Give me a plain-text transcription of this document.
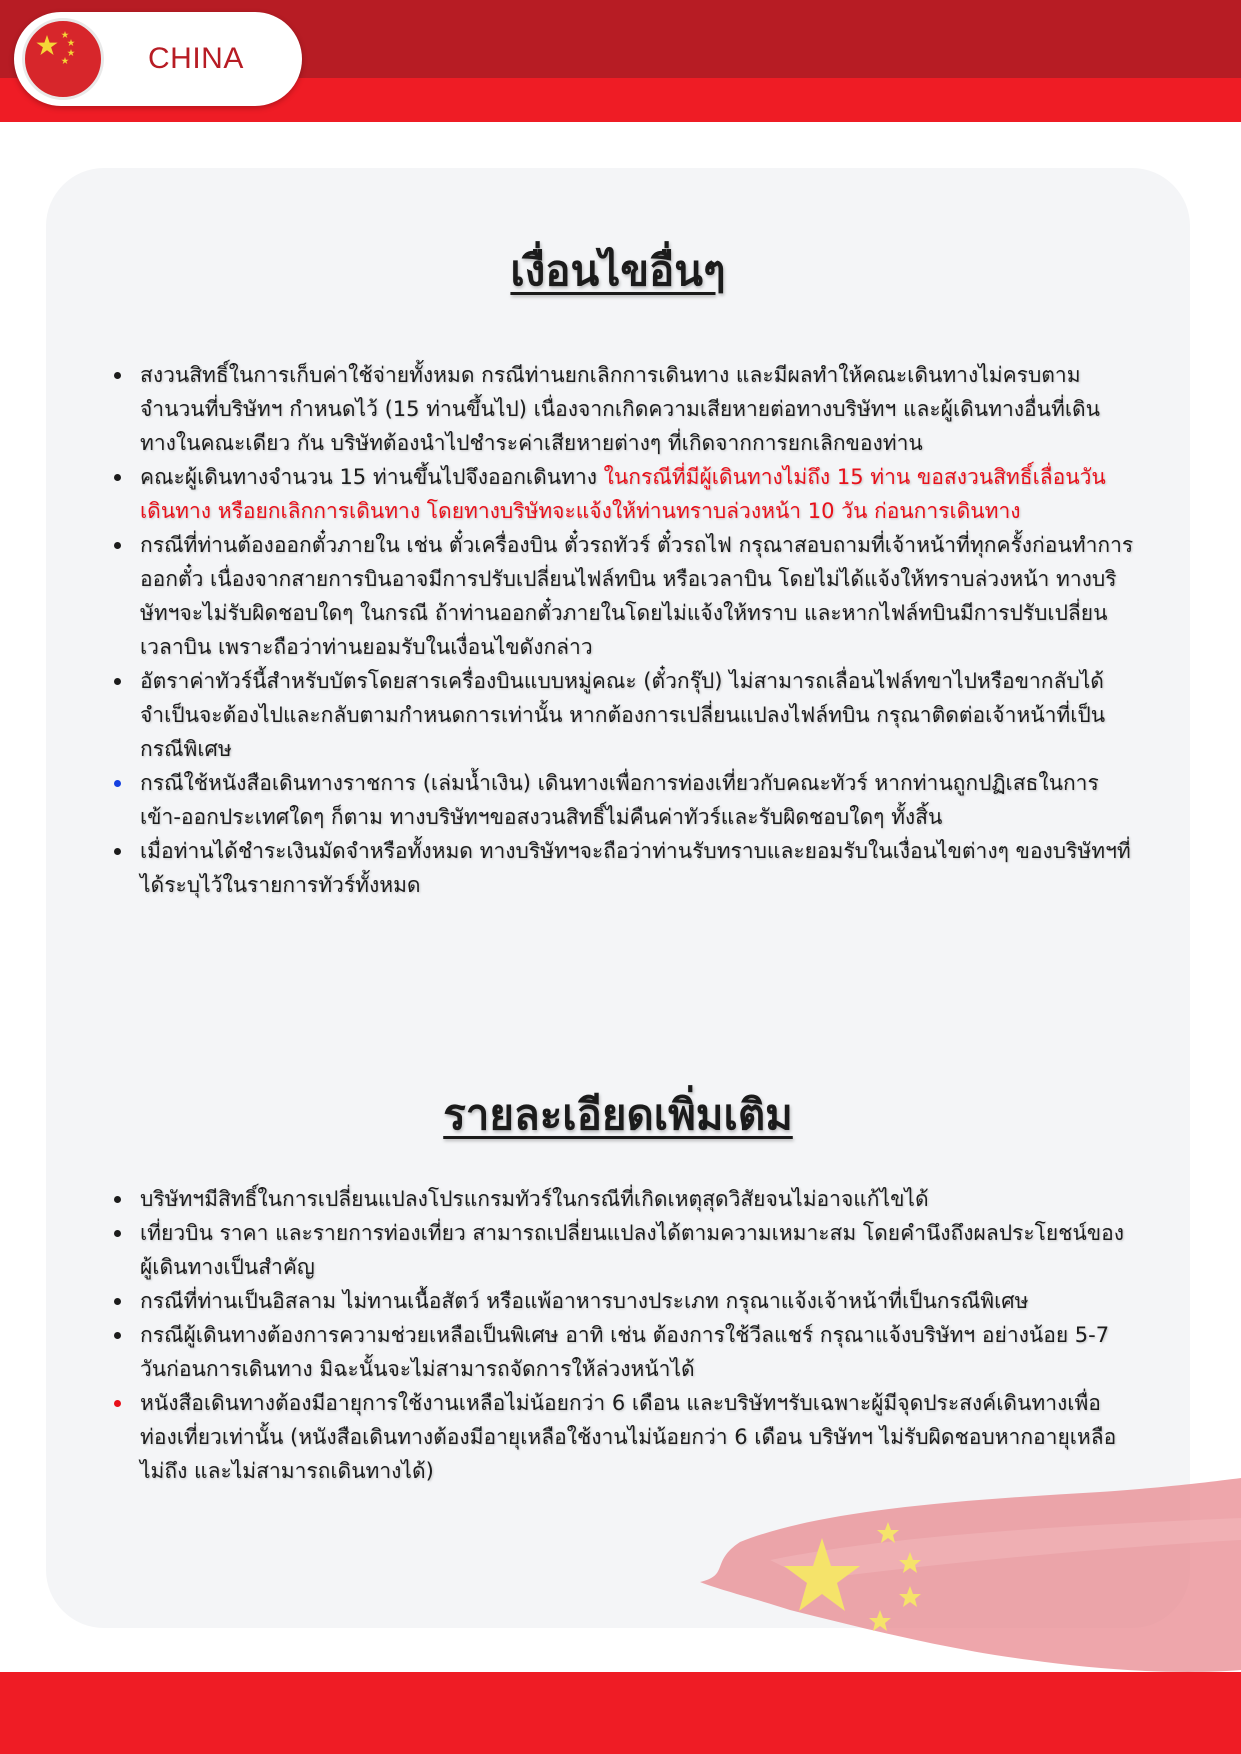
CHINA
เงื่อนไขอื่นๆ
สงวนสิทธิ์ในการเก็บค่าใช้จ่ายทั้งหมด กรณีท่านยกเลิกการเดินทาง และมีผลทำให้คณะเดินทางไม่ครบตามจำนวนที่บริษัทฯ กำหนดไว้ (15 ท่านขึ้นไป) เนื่องจากเกิดความเสียหายต่อทางบริษัทฯ และผู้เดินทางอื่นที่เดินทางในคณะเดียว กัน บริษัทต้องนำไปชำระค่าเสียหายต่างๆ ที่เกิดจากการยกเลิกของท่าน
คณะผู้เดินทางจำนวน 15 ท่านขึ้นไปจึงออกเดินทาง ในกรณีที่มีผู้เดินทางไม่ถึง 15 ท่าน ขอสงวนสิทธิ์เลื่อนวันเดินทาง หรือยกเลิกการเดินทาง โดยทางบริษัทจะแจ้งให้ท่านทราบล่วงหน้า 10 วัน ก่อนการเดินทาง
กรณีที่ท่านต้องออกตั๋วภายใน เช่น ตั๋วเครื่องบิน ตั๋วรถทัวร์ ตั๋วรถไฟ กรุณาสอบถามที่เจ้าหน้าที่ทุกครั้งก่อนทำการออกตั๋ว เนื่องจากสายการบินอาจมีการปรับเปลี่ยนไฟล์ทบิน หรือเวลาบิน โดยไม่ได้แจ้งให้ทราบล่วงหน้า ทางบริษัทฯจะไม่รับผิดชอบใดๆ ในกรณี ถ้าท่านออกตั๋วภายในโดยไม่แจ้งให้ทราบ และหากไฟล์ทบินมีการปรับเปลี่ยนเวลาบิน เพราะถือว่าท่านยอมรับในเงื่อนไขดังกล่าว
อัตราค่าทัวร์นี้สำหรับบัตรโดยสารเครื่องบินแบบหมู่คณะ (ตั๋วกรุ๊ป) ไม่สามารถเลื่อนไฟล์ทขาไปหรือขากลับได้ จำเป็นจะต้องไปและกลับตามกำหนดการเท่านั้น หากต้องการเปลี่ยนแปลงไฟล์ทบิน กรุณาติดต่อเจ้าหน้าที่เป็นกรณีพิเศษ
กรณีใช้หนังสือเดินทางราชการ (เล่มน้ำเงิน) เดินทางเพื่อการท่องเที่ยวกับคณะทัวร์ หากท่านถูกปฏิเสธในการเข้า-ออกประเทศใดๆ ก็ตาม ทางบริษัทฯขอสงวนสิทธิ์ไม่คืนค่าทัวร์และรับผิดชอบใดๆ ทั้งสิ้น
เมื่อท่านได้ชำระเงินมัดจำหรือทั้งหมด ทางบริษัทฯจะถือว่าท่านรับทราบและยอมรับในเงื่อนไขต่างๆ ของบริษัทฯที่ได้ระบุไว้ในรายการทัวร์ทั้งหมด
รายละเอียดเพิ่มเติม
บริษัทฯมีสิทธิ์ในการเปลี่ยนแปลงโปรแกรมทัวร์ในกรณีที่เกิดเหตุสุดวิสัยจนไม่อาจแก้ไขได้
เที่ยวบิน ราคา และรายการท่องเที่ยว สามารถเปลี่ยนแปลงได้ตามความเหมาะสม โดยคำนึงถึงผลประโยชน์ของผู้เดินทางเป็นสำคัญ
กรณีที่ท่านเป็นอิสลาม ไม่ทานเนื้อสัตว์ หรือแพ้อาหารบางประเภท กรุณาแจ้งเจ้าหน้าที่เป็นกรณีพิเศษ
กรณีผู้เดินทางต้องการความช่วยเหลือเป็นพิเศษ อาทิ เช่น ต้องการใช้วีลแชร์ กรุณาแจ้งบริษัทฯ อย่างน้อย 5-7 วันก่อนการเดินทาง มิฉะนั้นจะไม่สามารถจัดการให้ล่วงหน้าได้
หนังสือเดินทางต้องมีอายุการใช้งานเหลือไม่น้อยกว่า 6 เดือน และบริษัทฯรับเฉพาะผู้มีจุดประสงค์เดินทางเพื่อท่องเที่ยวเท่านั้น (หนังสือเดินทางต้องมีอายุเหลือใช้งานไม่น้อยกว่า 6 เดือน บริษัทฯ ไม่รับผิดชอบหากอายุเหลือไม่ถึง และไม่สามารถเดินทางได้)
